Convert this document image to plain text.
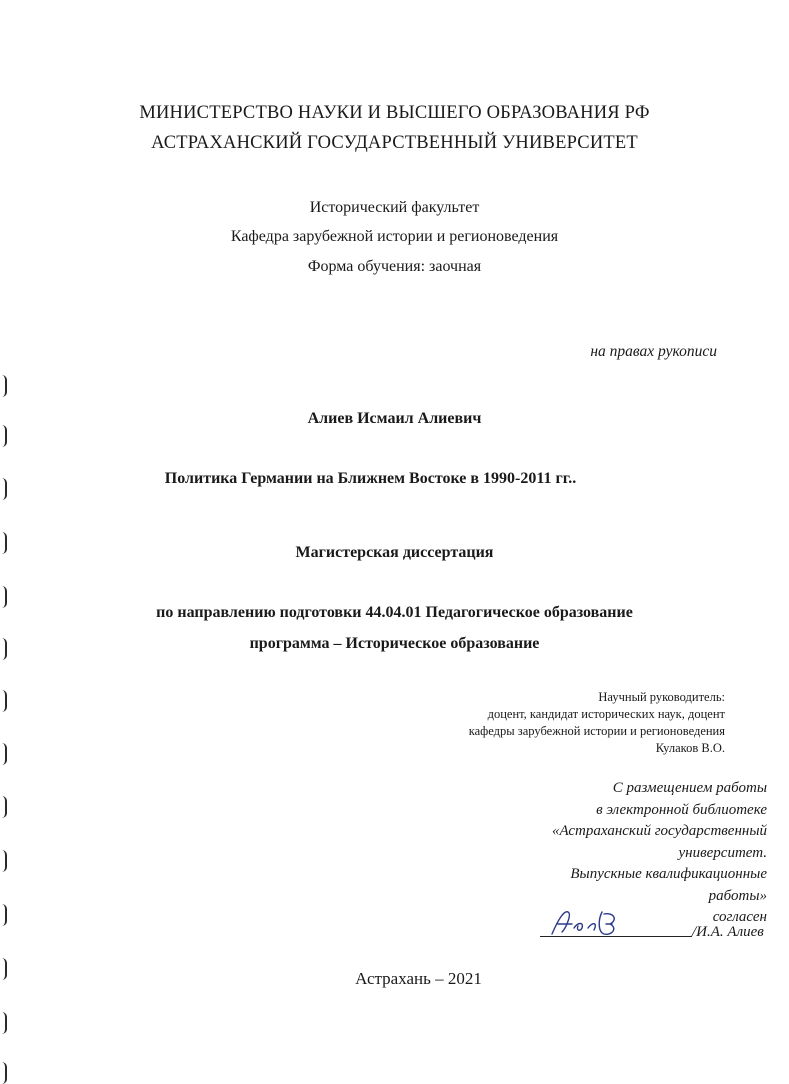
МИНИСТЕРСТВО НАУКИ И ВЫСШЕГО ОБРАЗОВАНИЯ РФ
АСТРАХАНСКИЙ ГОСУДАРСТВЕННЫЙ УНИВЕРСИТЕТ
Исторический факультет
Кафедра зарубежной истории и регионоведения
Форма обучения: заочная
на правах рукописи
Алиев Исмаил Алиевич
Политика Германии на Ближнем Востоке в 1990-2011 гг..
Магистерская диссертация
по направлению подготовки 44.04.01 Педагогическое образование
программа – Историческое образование
Научный руководитель:
доцент, кандидат исторических наук, доцент
кафедры зарубежной истории и регионоведения
Кулаков В.О.
С размещением работы
в электронной библиотеке
«Астраханский государственный
университет.
Выпускные квалификационные
работы»
согласен
/И.А. Алиев
Астрахань – 2021
